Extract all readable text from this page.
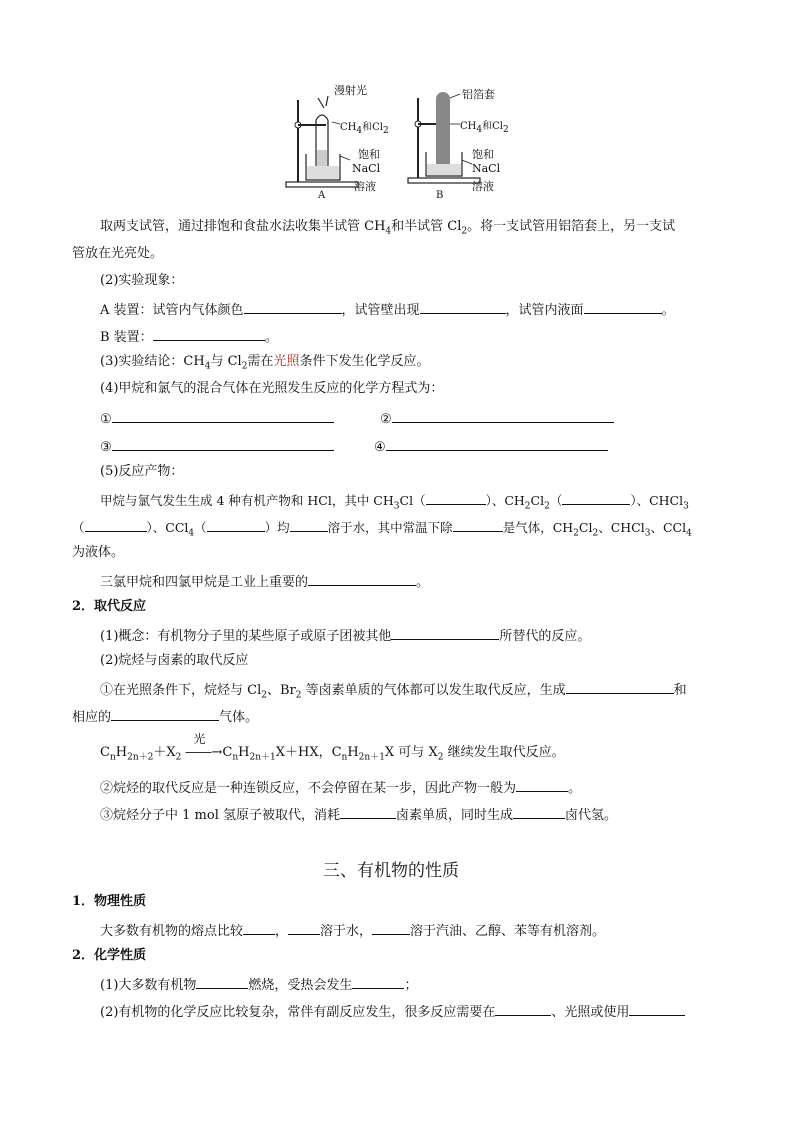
漫射光
$CH_4$和$Cl_2$
饱和
NaCl
溶液
A
铝箔套
$CH_4$和$Cl_2$
饱和
NaCl
溶液
B
取两支试管，通过排饱和食盐水法收集半试管 $CH_4$和半试管 $Cl_2$。将一支试管用铝箔套上，另一支试
管放在光亮处。
(2)实验现象：
A 装置：试管内气体颜色	，试管壁出现	，试管内液面	。
B 装置：	。
(3)实验结论：$CH_4$与 $Cl_2$需在光照条件下发生化学反应。
(4)甲烷和氯气的混合气体在光照发生反应的化学方程式为：
①	②
③	④
(5)反应产物：
甲烷与氯气发生生成 4 种有机产物和 HCl，其中 $CH_3Cl$（	）、$CH_2Cl_2$（	）、CHCl$_3$
（	）、CCl$_4$（	）均	溶于水，其中常温下除	是气体，$CH_2Cl_2$、CHCl$_3$、CCl$_4$
为液体。
三氯甲烷和四氯甲烷是工业上重要的	。
2．取代反应
(1)概念：有机物分子里的某些原子或原子团被其他	所替代的反应。
(2)烷烃与卤素的取代反应
①在光照条件下，烷烃与 $Cl_2$、$Br_2$ 等卤素单质的气体都可以发生取代反应，生成	和
相应的	气体。
$C_nH_{2n+2}+X_2$
光
$――\to C_nH_{2n+1}X+HX$，$C_nH_{2n+1}X$ 可与 $X_2$ 继续发生取代反应。
②烷烃的取代反应是一种连锁反应，不会停留在某一步，因此产物一般为	。
③烷烃分子中 1 mol 氢原子被取代，消耗	卤素单质，同时生成	卤代氢。
三、有机物的性质
1．物理性质
大多数有机物的熔点比较 ， 溶于水，	溶于汽油、乙醇、苯等有机溶剂。
2．化学性质
(1)大多数有机物	燃烧，受热会发生	；
(2)有机物的化学反应比较复杂，常伴有副反应发生，很多反应需要在	、光照或使用
